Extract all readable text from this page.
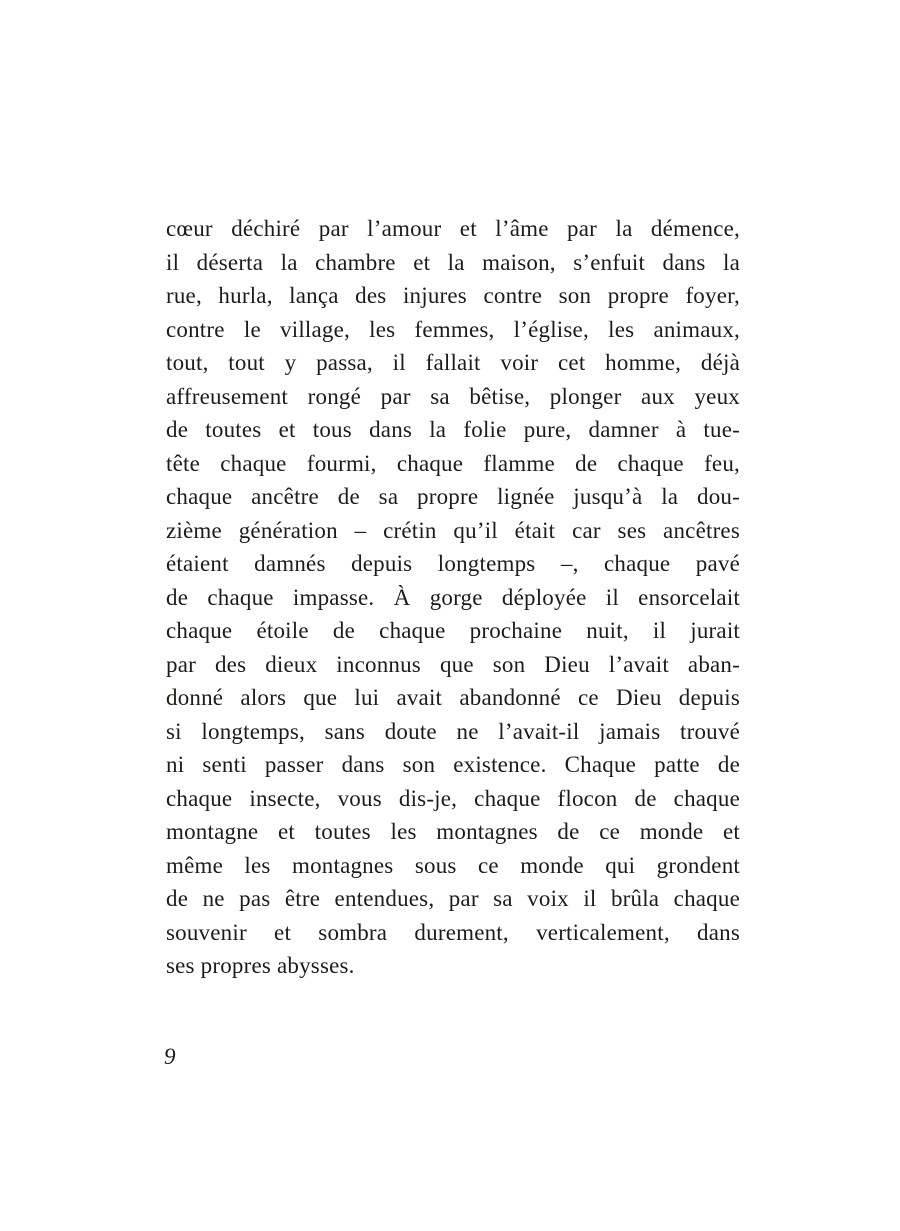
cœur déchiré par l’amour et l’âme par la démence,
il déserta la chambre et la maison, s’enfuit dans la
rue, hurla, lança des injures contre son propre foyer,
contre le village, les femmes, l’église, les animaux,
tout, tout y passa, il fallait voir cet homme, déjà
affreusement rongé par sa bêtise, plonger aux yeux
de toutes et tous dans la folie pure, damner à tue-
tête chaque fourmi, chaque flamme de chaque feu,
chaque ancêtre de sa propre lignée jusqu’à la dou-
zième génération – crétin qu’il était car ses ancêtres
étaient damnés depuis longtemps –, chaque pavé
de chaque impasse. À gorge déployée il ensorcelait
chaque étoile de chaque prochaine nuit, il jurait
par des dieux inconnus que son Dieu l’avait aban-
donné alors que lui avait abandonné ce Dieu depuis
si longtemps, sans doute ne l’avait-il jamais trouvé
ni senti passer dans son existence. Chaque patte de
chaque insecte, vous dis-je, chaque flocon de chaque
montagne et toutes les montagnes de ce monde et
même les montagnes sous ce monde qui grondent
de ne pas être entendues, par sa voix il brûla chaque
souvenir et sombra durement, verticalement, dans
ses propres abysses.
9
